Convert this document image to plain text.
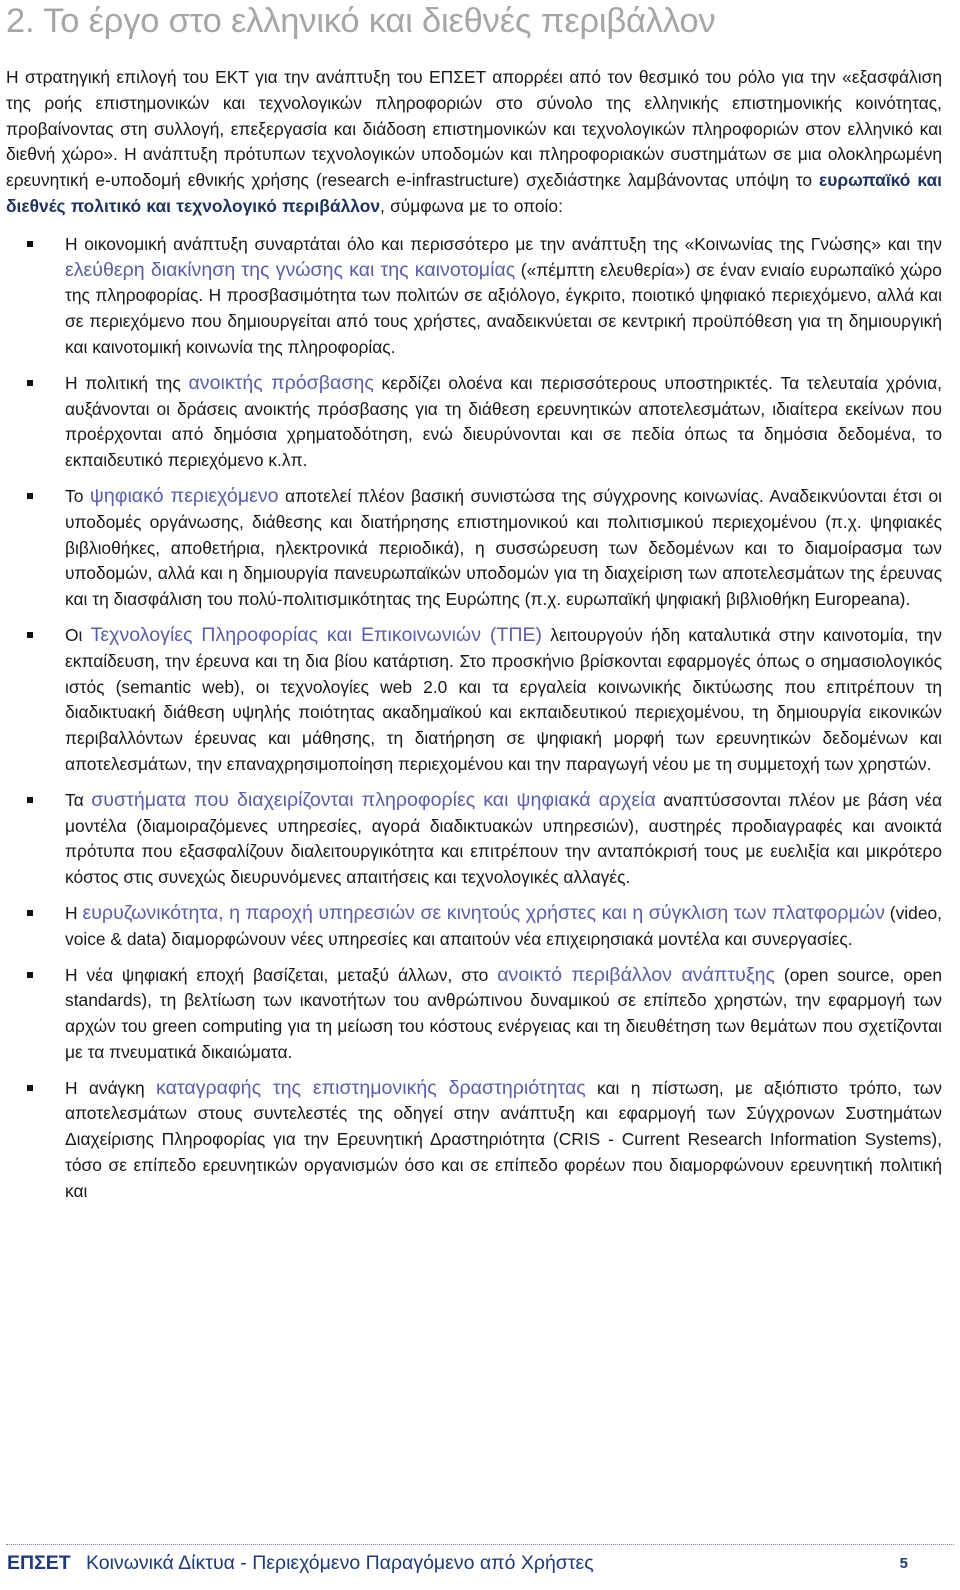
2. Το έργο στο ελληνικό και διεθνές περιβάλλον

Η στρατηγική επιλογή του ΕΚΤ για την ανάπτυξη του ΕΠΣΕΤ απορρέει από τον θεσμικό του ρόλο για την «εξασφάλιση της ροής επιστημονικών και τεχνολογικών πληροφοριών στο σύνολο της ελληνικής επιστημονικής κοινότητας, προβαίνοντας στη συλλογή, επεξεργασία και διάδοση επιστημονικών και τεχνολογικών πληροφοριών στον ελληνικό και διεθνή χώρο». Η ανάπτυξη πρότυπων τεχνολογικών υποδομών και πληροφοριακών συστημάτων σε μια ολοκληρωμένη ερευνητική e-υποδομή εθνικής χρήσης (research e-infrastructure) σχεδιάστηκε λαμβάνοντας υπόψη το ευρωπαϊκό και διεθνές πολιτικό και τεχνολογικό περιβάλλον, σύμφωνα με το οποίο:

Η οικονομική ανάπτυξη συναρτάται όλο και περισσότερο με την ανάπτυξη της «Κοινωνίας της Γνώσης» και την ελεύθερη διακίνηση της γνώσης και της καινοτομίας («πέμπτη ελευθερία») σε έναν ενιαίο ευρωπαϊκό χώρο της πληροφορίας. Η προσβασιμότητα των πολιτών σε αξιόλογο, έγκριτο, ποιοτικό ψηφιακό περιεχόμενο, αλλά και σε περιεχόμενο που δημιουργείται από τους χρήστες, αναδεικνύεται σε κεντρική προϋπόθεση για τη δημιουργική και καινοτομική κοινωνία της πληροφορίας.
Η πολιτική της ανοικτής πρόσβασης κερδίζει ολοένα και περισσότερους υποστηρικτές. Τα τελευταία χρόνια, αυξάνονται οι δράσεις ανοικτής πρόσβασης για τη διάθεση ερευνητικών αποτελεσμάτων, ιδιαίτερα εκείνων που προέρχονται από δημόσια χρηματοδότηση, ενώ διευρύνονται και σε πεδία όπως τα δημόσια δεδομένα, το εκπαιδευτικό περιεχόμενο κ.λπ.
Το ψηφιακό περιεχόμενο αποτελεί πλέον βασική συνιστώσα της σύγχρονης κοινωνίας. Αναδεικνύονται έτσι οι υποδομές οργάνωσης, διάθεσης και διατήρησης επιστημονικού και πολιτισμικού περιεχομένου (π.χ. ψηφιακές βιβλιοθήκες, αποθετήρια, ηλεκτρονικά περιοδικά), η συσσώρευση των δεδομένων και το διαμοίρασμα των υποδομών, αλλά και η δημιουργία πανευρωπαϊκών υποδομών για τη διαχείριση των αποτελεσμάτων της έρευνας και τη διασφάλιση του πολύ-πολιτισμικότητας της Ευρώπης (π.χ. ευρωπαϊκή ψηφιακή βιβλιοθήκη Europeana).
Οι Τεχνολογίες Πληροφορίας και Επικοινωνιών (ΤΠΕ) λειτουργούν ήδη καταλυτικά στην καινοτομία, την εκπαίδευση, την έρευνα και τη δια βίου κατάρτιση. Στο προσκήνιο βρίσκονται εφαρμογές όπως ο σημασιολογικός ιστός (semantic web), οι τεχνολογίες web 2.0 και τα εργαλεία κοινωνικής δικτύωσης που επιτρέπουν τη διαδικτυακή διάθεση υψηλής ποιότητας ακαδημαϊκού και εκπαιδευτικού περιεχομένου, τη δημιουργία εικονικών περιβαλλόντων έρευνας και μάθησης, τη διατήρηση σε ψηφιακή μορφή των ερευνητικών δεδομένων και αποτελεσμάτων, την επαναχρησιμοποίηση περιεχομένου και την παραγωγή νέου με τη συμμετοχή των χρηστών.
Τα συστήματα που διαχειρίζονται πληροφορίες και ψηφιακά αρχεία αναπτύσσονται πλέον με βάση νέα μοντέλα (διαμοιραζόμενες υπηρεσίες, αγορά διαδικτυακών υπηρεσιών), αυστηρές προδιαγραφές και ανοικτά πρότυπα που εξασφαλίζουν διαλειτουργικότητα και επιτρέπουν την ανταπόκρισή τους με ευελιξία και μικρότερο κόστος στις συνεχώς διευρυνόμενες απαιτήσεις και τεχνολογικές αλλαγές.
Η ευρυζωνικότητα, η παροχή υπηρεσιών σε κινητούς χρήστες και η σύγκλιση των πλατφορμών (video, voice & data) διαμορφώνουν νέες υπηρεσίες και απαιτούν νέα επιχειρησιακά μοντέλα και συνεργασίες.
Η νέα ψηφιακή εποχή βασίζεται, μεταξύ άλλων, στο ανοικτό περιβάλλον ανάπτυξης (open source, open standards), τη βελτίωση των ικανοτήτων του ανθρώπινου δυναμικού σε επίπεδο χρηστών, την εφαρμογή των αρχών του green computing για τη μείωση του κόστους ενέργειας και τη διευθέτηση των θεμάτων που σχετίζονται με τα πνευματικά δικαιώματα.
Η ανάγκη καταγραφής της επιστημονικής δραστηριότητας και η πίστωση, με αξιόπιστο τρόπο, των αποτελεσμάτων στους συντελεστές της οδηγεί στην ανάπτυξη και εφαρμογή των Σύγχρονων Συστημάτων Διαχείρισης Πληροφορίας για την Ερευνητική Δραστηριότητα (CRIS - Current Research Information Systems), τόσο σε επίπεδο ερευνητικών οργανισμών όσο και σε επίπεδο φορέων που διαμορφώνουν ερευνητική πολιτική και
ΕΠΣΕΤ Κοινωνικά Δίκτυα - Περιεχόμενο Παραγόμενο από Χρήστες	5
